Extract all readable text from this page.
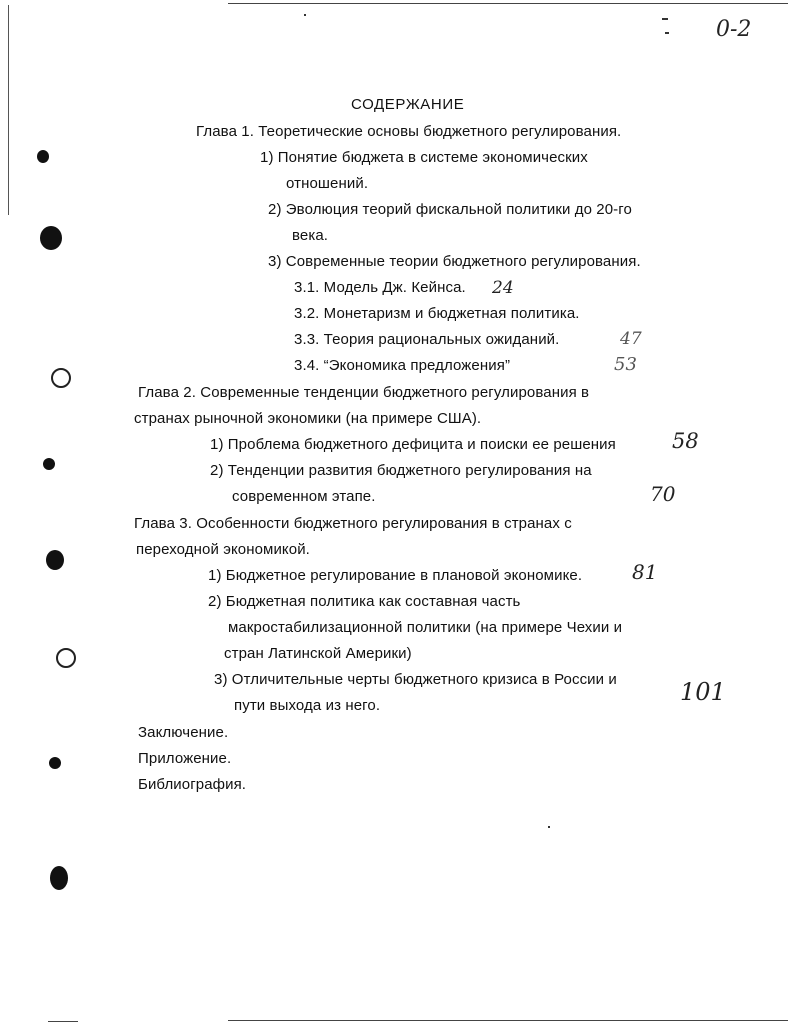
0-2
СОДЕРЖАНИЕ
Глава 1. Теоретические основы бюджетного регулирования.
1) Понятие бюджета в системе экономических
отношений.
2) Эволюция теорий фискальной политики до 20-го
века.
3) Современные теории бюджетного регулирования.
3.1. Модель Дж. Кейнса.
3.2. Монетаризм и бюджетная политика.
3.3. Теория рациональных ожиданий.
3.4. “Экономика предложения”
Глава 2. Современные тенденции бюджетного регулирования в
странах рыночной экономики (на примере США).
1) Проблема бюджетного дефицита и поиски ее решения
2) Тенденции развития бюджетного регулирования на
современном этапе.
Глава 3. Особенности бюджетного регулирования в странах с
переходной экономикой.
1) Бюджетное регулирование в плановой экономике.
2) Бюджетная политика как составная часть
макростабилизационной политики (на примере Чехии и
стран Латинской Америки)
3) Отличительные черты бюджетного кризиса в России и
пути выхода из него.
Заключение.
Приложение.
Библиография.
24
47
53
58
70
81
101
